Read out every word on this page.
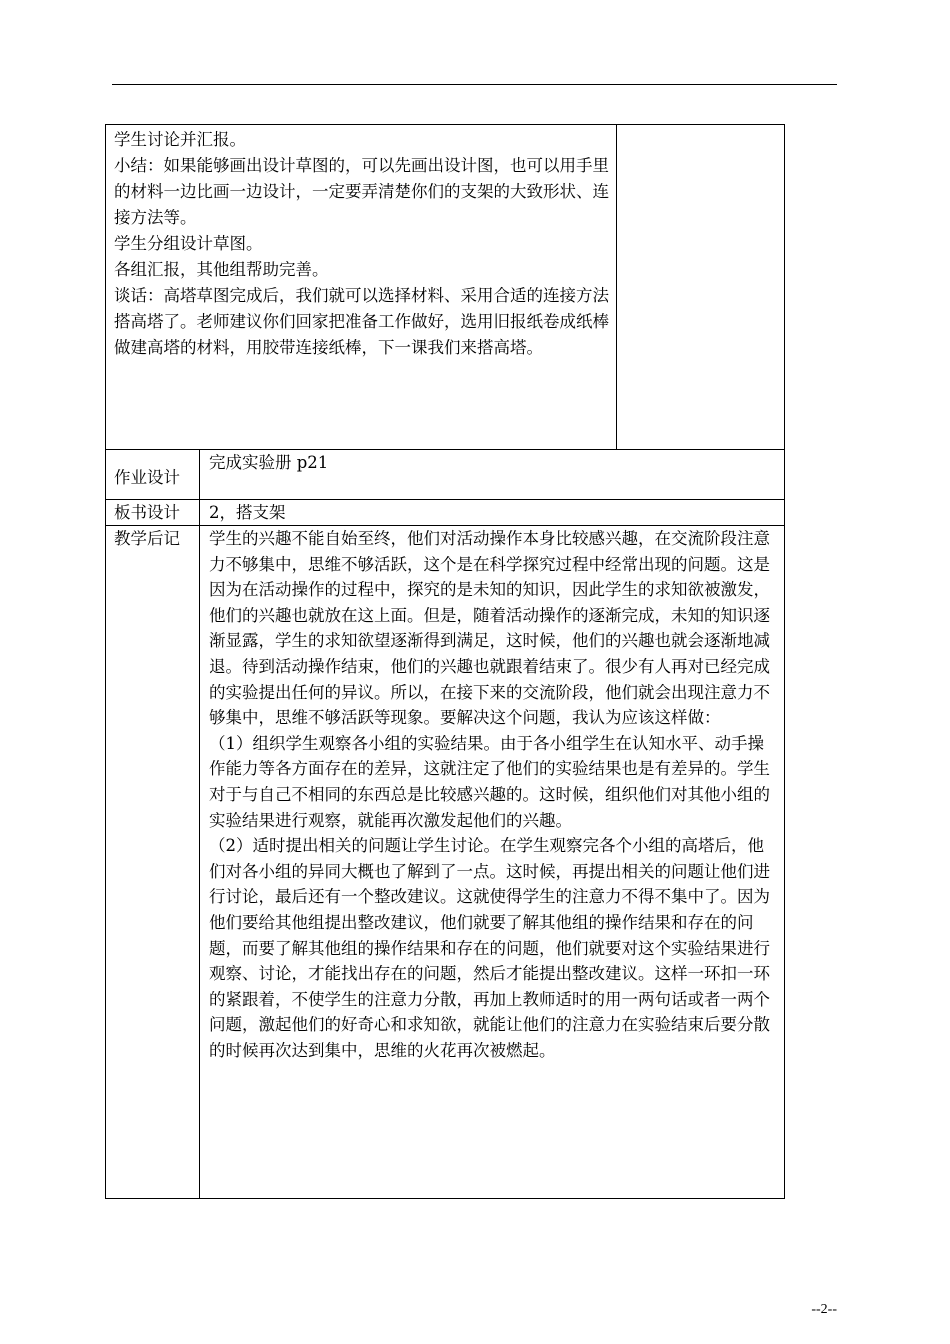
学生讨论并汇报。

小结：如果能够画出设计草图的，可以先画出设计图，也可以用手里的材料一边比画一边设计，一定要弄清楚你们的支架的大致形状、连接方法等。

学生分组设计草图。

各组汇报，其他组帮助完善。

谈话：高塔草图完成后，我们就可以选择材料、采用合适的连接方法搭高塔了。老师建议你们回家把准备工作做好，选用旧报纸卷成纸棒做建高塔的材料，用胶带连接纸棒，下一课我们来搭高塔。

作业设计
完成实验册 p21
板书设计	2，搭支架
教学后记	学生的兴趣不能自始至终，他们对活动操作本身比较感兴趣，在交流阶段注意力不够集中，思维不够活跃，这个是在科学探究过程中经常出现的问题。这是因为在活动操作的过程中，探究的是未知的知识，因此学生的求知欲被激发，他们的兴趣也就放在这上面。但是，随着活动操作的逐渐完成，未知的知识逐渐显露，学生的求知欲望逐渐得到满足，这时候，他们的兴趣也就会逐渐地减退。待到活动操作结束，他们的兴趣也就跟着结束了。很少有人再对已经完成的实验提出任何的异议。所以，在接下来的交流阶段，他们就会出现注意力不够集中，思维不够活跃等现象。要解决这个问题，我认为应该这样做：

（1）组织学生观察各小组的实验结果。由于各小组学生在认知水平、动手操作能力等各方面存在的差异，这就注定了他们的实验结果也是有差异的。学生对于与自己不相同的东西总是比较感兴趣的。这时候，组织他们对其他小组的实验结果进行观察，就能再次激发起他们的兴趣。

（2）适时提出相关的问题让学生讨论。在学生观察完各个小组的高塔后，他们对各小组的异同大概也了解到了一点。这时候，再提出相关的问题让他们进行讨论，最后还有一个整改建议。这就使得学生的注意力不得不集中了。因为他们要给其他组提出整改建议，他们就要了解其他组的操作结果和存在的问题，而要了解其他组的操作结果和存在的问题，他们就要对这个实验结果进行观察、讨论，才能找出存在的问题，然后才能提出整改建议。这样一环扣一环的紧跟着，不使学生的注意力分散，再加上教师适时的用一两句话或者一两个问题，激起他们的好奇心和求知欲，就能让他们的注意力在实验结束后要分散的时候再次达到集中，思维的火花再次被燃起。

--2--
